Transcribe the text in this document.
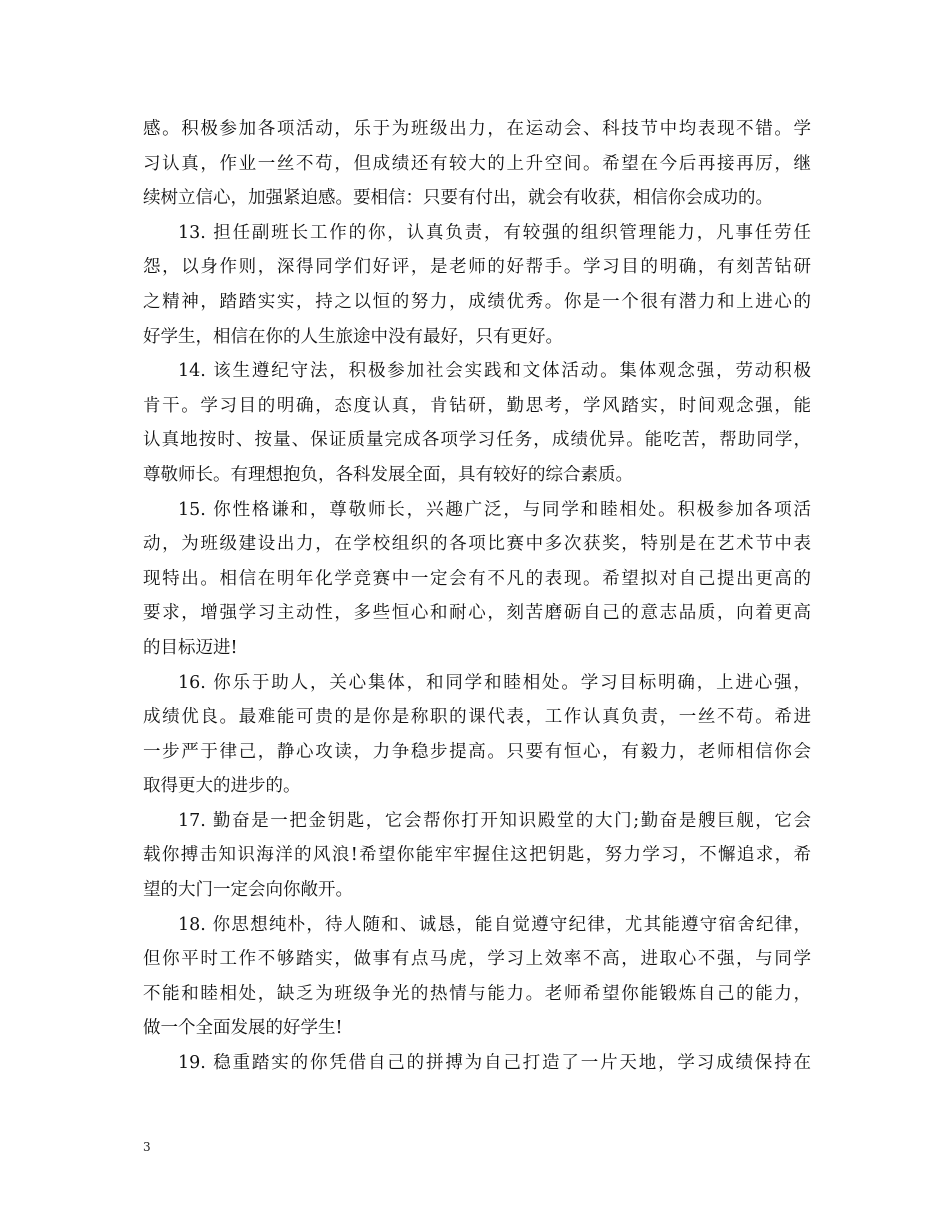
感。积极参加各项活动，乐于为班级出力，在运动会、科技节中均表现不错。学
习认真，作业一丝不苟，但成绩还有较大的上升空间。希望在今后再接再厉，继
续树立信心，加强紧迫感。要相信：只要有付出，就会有收获，相信你会成功的。
13. 担任副班长工作的你，认真负责，有较强的组织管理能力，凡事任劳任
怨，以身作则，深得同学们好评，是老师的好帮手。学习目的明确，有刻苦钻研
之精神，踏踏实实，持之以恒的努力，成绩优秀。你是一个很有潜力和上进心的
好学生，相信在你的人生旅途中没有最好，只有更好。
14. 该生遵纪守法，积极参加社会实践和文体活动。集体观念强，劳动积极
肯干。学习目的明确，态度认真，肯钻研，勤思考，学风踏实，时间观念强，能
认真地按时、按量、保证质量完成各项学习任务，成绩优异。能吃苦，帮助同学，
尊敬师长。有理想抱负，各科发展全面，具有较好的综合素质。
15. 你性格谦和，尊敬师长，兴趣广泛，与同学和睦相处。积极参加各项活
动，为班级建设出力，在学校组织的各项比赛中多次获奖，特别是在艺术节中表
现特出。相信在明年化学竞赛中一定会有不凡的表现。希望拟对自己提出更高的
要求，增强学习主动性，多些恒心和耐心，刻苦磨砺自己的意志品质，向着更高
的目标迈进!
16. 你乐于助人，关心集体，和同学和睦相处。学习目标明确，上进心强，
成绩优良。最难能可贵的是你是称职的课代表，工作认真负责，一丝不苟。希进
一步严于律己，静心攻读，力争稳步提高。只要有恒心，有毅力，老师相信你会
取得更大的进步的。
17. 勤奋是一把金钥匙，它会帮你打开知识殿堂的大门;勤奋是艘巨舰，它会
载你搏击知识海洋的风浪!希望你能牢牢握住这把钥匙，努力学习，不懈追求，希
望的大门一定会向你敞开。
18. 你思想纯朴，待人随和、诚恳，能自觉遵守纪律，尤其能遵守宿舍纪律，
但你平时工作不够踏实，做事有点马虎，学习上效率不高，进取心不强，与同学
不能和睦相处，缺乏为班级争光的热情与能力。老师希望你能锻炼自己的能力，
做一个全面发展的好学生!
19. 稳重踏实的你凭借自己的拼搏为自己打造了一片天地，学习成绩保持在
3
